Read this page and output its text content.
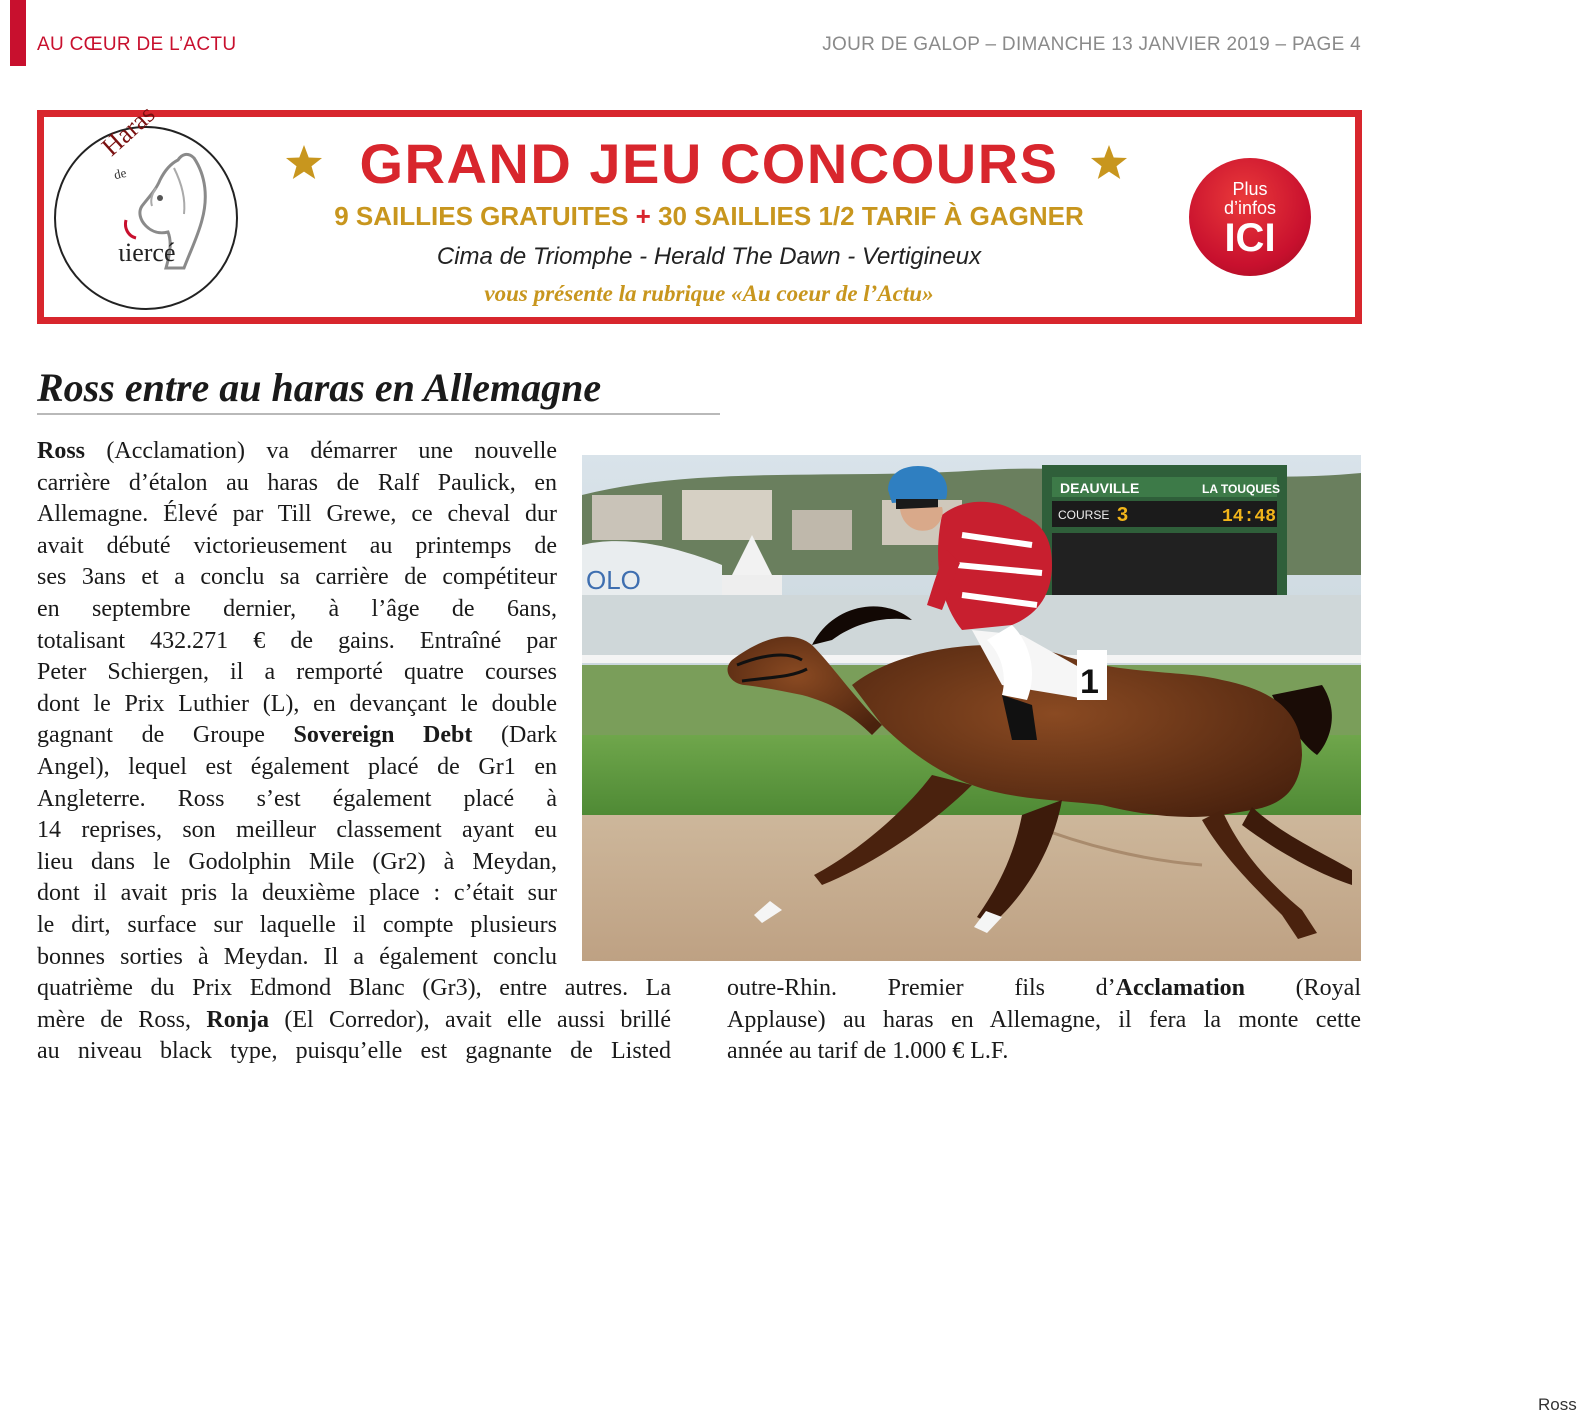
AU CŒUR DE L’ACTU	JOUR DE GALOP – DIMANCHE 13 JANVIER 2019 – PAGE 4
Haras
de
ɩiercé
GRAND JEU CONCOURS
9 SAILLIES GRATUITES + 30 SAILLIES 1/2 TARIF À GAGNER
Cima de Triomphe - Herald The Dawn - Vertigineux
vous présente la rubrique «Au coeur de l’Actu»
Plus
d’infos
ICI
Ross entre au haras en Allemagne
DEAUVILLE	LA TOUQUES
COURSE 3	14:48
OLO
1
Ross
Ross (Acclamation) va démarrer une nouvelle
carrière d’étalon au haras de Ralf Paulick, en
Allemagne. Élevé par Till Grewe, ce cheval dur
avait débuté victorieusement au printemps de
ses 3ans et a conclu sa carrière de compétiteur
en septembre dernier, à l’âge de 6ans,
totalisant 432.271 € de gains. Entraîné par
Peter Schiergen, il a remporté quatre courses
dont le Prix Luthier (L), en devançant le double
gagnant de Groupe Sovereign Debt (Dark
Angel), lequel est également placé de Gr1 en
Angleterre. Ross s’est également placé à
14 reprises, son meilleur classement ayant eu
lieu dans le Godolphin Mile (Gr2) à Meydan,
dont il avait pris la deuxième place : c’était sur
le dirt, surface sur laquelle il compte plusieurs
bonnes sorties à Meydan. Il a également conclu
quatrième du Prix Edmond Blanc (Gr3), entre autres. La
mère de Ross, Ronja (El Corredor), avait elle aussi brillé
au niveau black type, puisqu’elle est gagnante de Listed
outre-Rhin. Premier fils d’Acclamation (Royal
Applause) au haras en Allemagne, il fera la monte cette
année au tarif de 1.000 € L.F.
